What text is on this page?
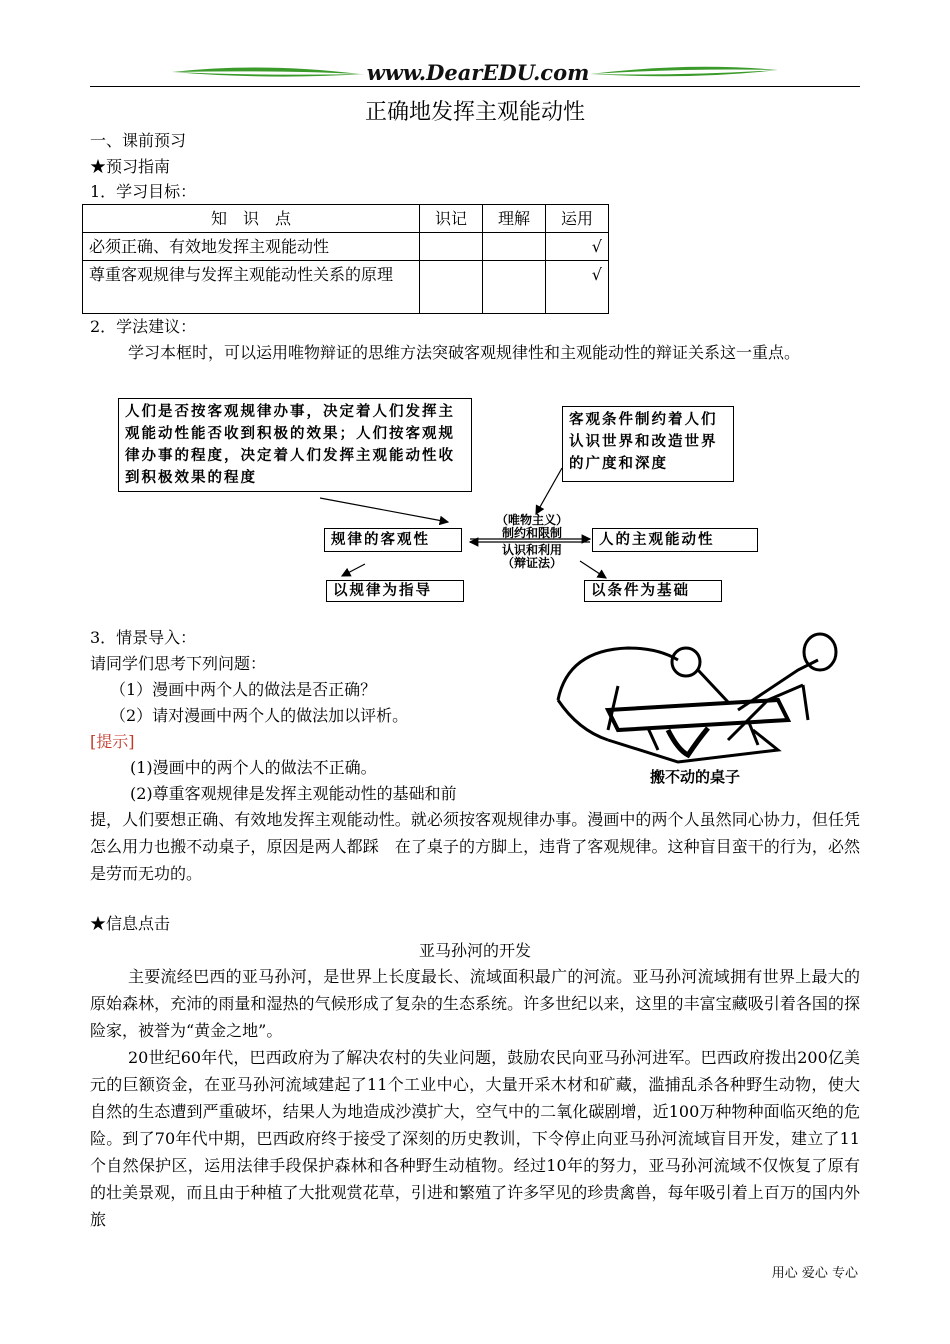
www.DearEDU.com
正确地发挥主观能动性
一、课前预习
★预习指南
1．学习目标：
知　识　点	识记	理解	运用
必须正确、有效地发挥主观能动性			√
尊重客观规律与发挥主观能动性关系的原理			√
2．学法建议：
学习本框时，可以运用唯物辩证的思维方法突破客观规律性和主观能动性的辩证关系这一重点。
人们是否按客观规律办事，决定着人们发挥主观能动性能否收到积极的效果；人们按客观规律办事的程度，决定着人们发挥主观能动性收到积极效果的程度
客观条件制约着人们认识世界和改造世界的广度和深度
规律的客观性	人的主观能动性
（唯物主义）
制约和限制
认识和利用
（辩证法）
以规律为指导	以条件为基础
3．情景导入：
请同学们思考下列问题：
（1）漫画中两个人的做法是否正确？
（2）请对漫画中两个人的做法加以评析。
[提示]
(1)漫画中的两个人的做法不正确。
(2)尊重客观规律是发挥主观能动性的基础和前
提，人们要想正确、有效地发挥主观能动性。就必须按客观规律办事。漫画中的两个人虽然同心协力，但任凭怎么用力也搬不动桌子，原因是两人都踩　在了桌子的方脚上，违背了客观规律。这种盲目蛮干的行为，必然是劳而无功的。
搬不动的桌子
★信息点击
亚马孙河的开发
主要流经巴西的亚马孙河，是世界上长度最长、流域面积最广的河流。亚马孙河流域拥有世界上最大的原始森林，充沛的雨量和湿热的气候形成了复杂的生态系统。许多世纪以来，这里的丰富宝藏吸引着各国的探险家，被誉为“黄金之地”。
20世纪60年代，巴西政府为了解决农村的失业问题，鼓励农民向亚马孙河进军。巴西政府拨出200亿美元的巨额资金，在亚马孙河流域建起了11个工业中心，大量开采木材和矿藏，滥捕乱杀各种野生动物，使大自然的生态遭到严重破坏，结果人为地造成沙漠扩大，空气中的二氧化碳剧增，近100万种物种面临灭绝的危险。到了70年代中期，巴西政府终于接受了深刻的历史教训，下令停止向亚马孙河流域盲目开发，建立了11个自然保护区，运用法律手段保护森林和各种野生动植物。经过10年的努力，亚马孙河流域不仅恢复了原有的壮美景观，而且由于种植了大批观赏花草，引进和繁殖了许多罕见的珍贵禽兽，每年吸引着上百万的国内外旅
用心 爱心 专心
